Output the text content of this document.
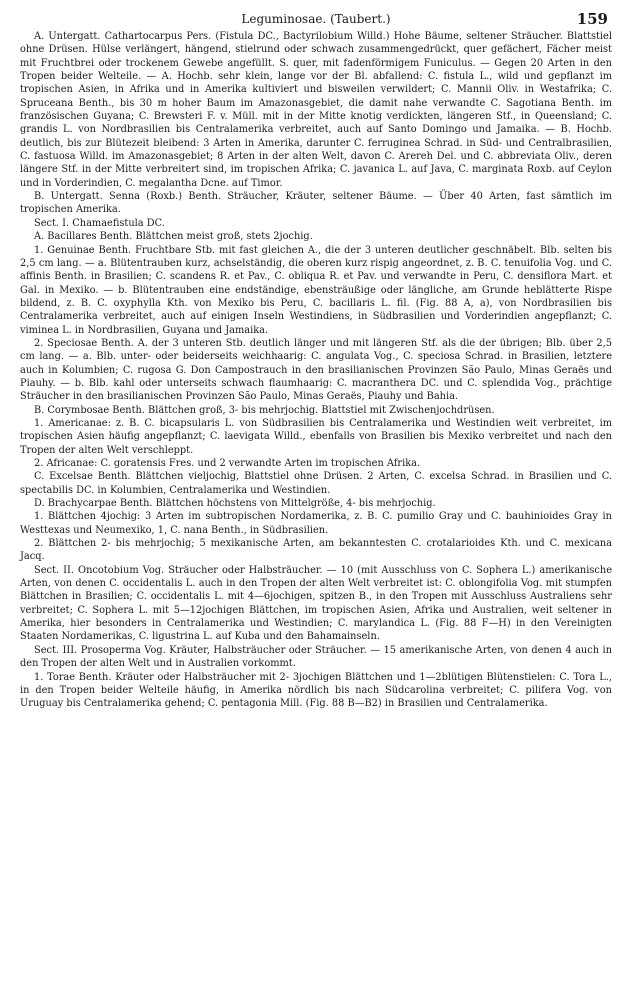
Leguminosae. (Taubert.)	159

A. Untergatt. Cathartocarpus Pers. (Fistula DC., Bactyrilobium Willd.) Hohe Bäume, seltener Sträucher. Blattstiel ohne Drüsen. Hülse verlängert, hängend, stielrund oder schwach zusammengedrückt, quer gefächert, Fächer meist mit Fruchtbrei oder trockenem Gewebe angefüllt. S. quer, mit fadenförmigem Funiculus. — Gegen 20 Arten in den Tropen beider Welteile. — A. Hochb. sehr klein, lange vor der Bl. abfallend: C. fistula L., wild und gepflanzt im tropischen Asien, in Afrika und in Amerika kultiviert und bisweilen verwildert; C. Mannii Oliv. in Westafrika; C. Spruceana Benth., bis 30 m hoher Baum im Amazonasgebiet, die damit nahe verwandte C. Sagotiana Benth. im französischen Guyana; C. Brewsteri F. v. Müll. mit in der Mitte knotig verdickten, längeren Stf., in Queensland; C. grandis L. von Nordbrasilien bis Centralamerika verbreitet, auch auf Santo Domingo und Jamaika. — B. Hochb. deutlich, bis zur Blütezeit bleibend: 3 Arten in Amerika, darunter C. ferruginea Schrad. in Süd- und Centralbrasilien, C. fastuosa Willd. im Amazonasgebiet; 8 Arten in der alten Welt, davon C. Arereh Del. und C. abbreviata Oliv., deren längere Stf. in der Mitte verbreitert sind, im tropischen Afrika; C. javanica L. auf Java, C. marginata Roxb. auf Ceylon und in Vorderindien, C. megalantha Dcne. auf Timor.

B. Untergatt. Senna (Roxb.) Benth. Sträucher, Kräuter, seltener Bäume. — Über 40 Arten, fast sämtlich im tropischen Amerika.

Sect. I. Chamaefistula DC.

A. Bacillares Benth. Blättchen meist groß, stets 2jochig.

1. Genuinae Benth. Fruchtbare Stb. mit fast gleichen A., die der 3 unteren deutlicher geschnäbelt. Blb. selten bis 2,5 cm lang. — a. Blütentrauben kurz, achselständig, die oberen kurz rispig angeordnet, z. B. C. tenuifolia Vog. und C. affinis Benth. in Brasilien; C. scandens R. et Pav., C. obliqua R. et Pav. und verwandte in Peru, C. densiflora Mart. et Gal. in Mexiko. — b. Blütentrauben eine endständige, ebensträußige oder längliche, am Grunde heblätterte Rispe bildend, z. B. C. oxyphylla Kth. von Mexiko bis Peru, C. bacillaris L. fil. (Fig. 88 A, a), von Nordbrasilien bis Centralamerika verbreitet, auch auf einigen Inseln Westindiens, in Südbrasilien und Vorderindien angepflanzt; C. viminea L. in Nordbrasilien, Guyana und Jamaika.

2. Speciosae Benth. A. der 3 unteren Stb. deutlich länger und mit längeren Stf. als die der übrigen; Blb. über 2,5 cm lang. — a. Blb. unter- oder beiderseits weichhaarig: C. angulata Vog., C. speciosa Schrad. in Brasilien, letztere auch in Kolumbien; C. rugosa G. Don Campostrauch in den brasilianischen Provinzen São Paulo, Minas Geraës und Piauhy. — b. Blb. kahl oder unterseits schwach flaumhaarig: C. macranthera DC. und C. splendida Vog., prächtige Sträucher in den brasilianischen Provinzen São Paulo, Minas Geraës, Piauhy und Bahia.

B. Corymbosae Benth. Blättchen groß, 3- bis mehrjochig. Blattstiel mit Zwischenjochdrüsen.

1. Americanae: z. B. C. bicapsularis L. von Südbrasilien bis Centralamerika und Westindien weit verbreitet, im tropischen Asien häufig angepflanzt; C. laevigata Willd., ebenfalls von Brasilien bis Mexiko verbreitet und nach den Tropen der alten Welt verschleppt.

2. Africanae: C. goratensis Fres. und 2 verwandte Arten im tropischen Afrika.

C. Excelsae Benth. Blättchen vieljochig, Blattstiel ohne Drüsen. 2 Arten, C. excelsa Schrad. in Brasilien und C. spectabilis DC. in Kolumbien, Centralamerika und Westindien.

D. Brachycarpae Benth. Blättchen höchstens von Mittelgröße, 4- bis mehrjochig.

1. Blättchen 4jochig: 3 Arten im subtropischen Nordamerika, z. B. C. pumilio Gray und C. bauhinioides Gray in Westtexas und Neumexiko, 1, C. nana Benth., in Südbrasilien.

2. Blättchen 2- bis mehrjochig; 5 mexikanische Arten, am bekanntesten C. crotalarioides Kth. und C. mexicana Jacq.

Sect. II. Oncotobium Vog. Sträucher oder Halbsträucher. — 10 (mit Ausschluss von C. Sophera L.) amerikanische Arten, von denen C. occidentalis L. auch in den Tropen der alten Welt verbreitet ist: C. oblongifolia Vog. mit stumpfen Blättchen in Brasilien; C. occidentalis L. mit 4—6jochigen, spitzen B., in den Tropen mit Ausschluss Australiens sehr verbreitet; C. Sophera L. mit 5—12jochigen Blättchen, im tropischen Asien, Afrika und Australien, weit seltener in Amerika, hier besonders in Centralamerika und Westindien; C. marylandica L. (Fig. 88 F—H) in den Vereinigten Staaten Nordamerikas, C. ligustrina L. auf Kuba und den Bahamainseln.

Sect. III. Prosoperma Vog. Kräuter, Halbsträucher oder Sträucher. — 15 amerikanische Arten, von denen 4 auch in den Tropen der alten Welt und in Australien vorkommt.

1. Torae Benth. Kräuter oder Halbsträucher mit 2- 3jochigen Blättchen und 1—2blütigen Blütenstielen: C. Tora L., in den Tropen beider Welteile häufig, in Amerika nördlich bis nach Südcarolina verbreitet; C. pilifera Vog. von Uruguay bis Centralamerika gehend; C. pentagonia Mill. (Fig. 88 B—B2) in Brasilien und Centralamerika.
